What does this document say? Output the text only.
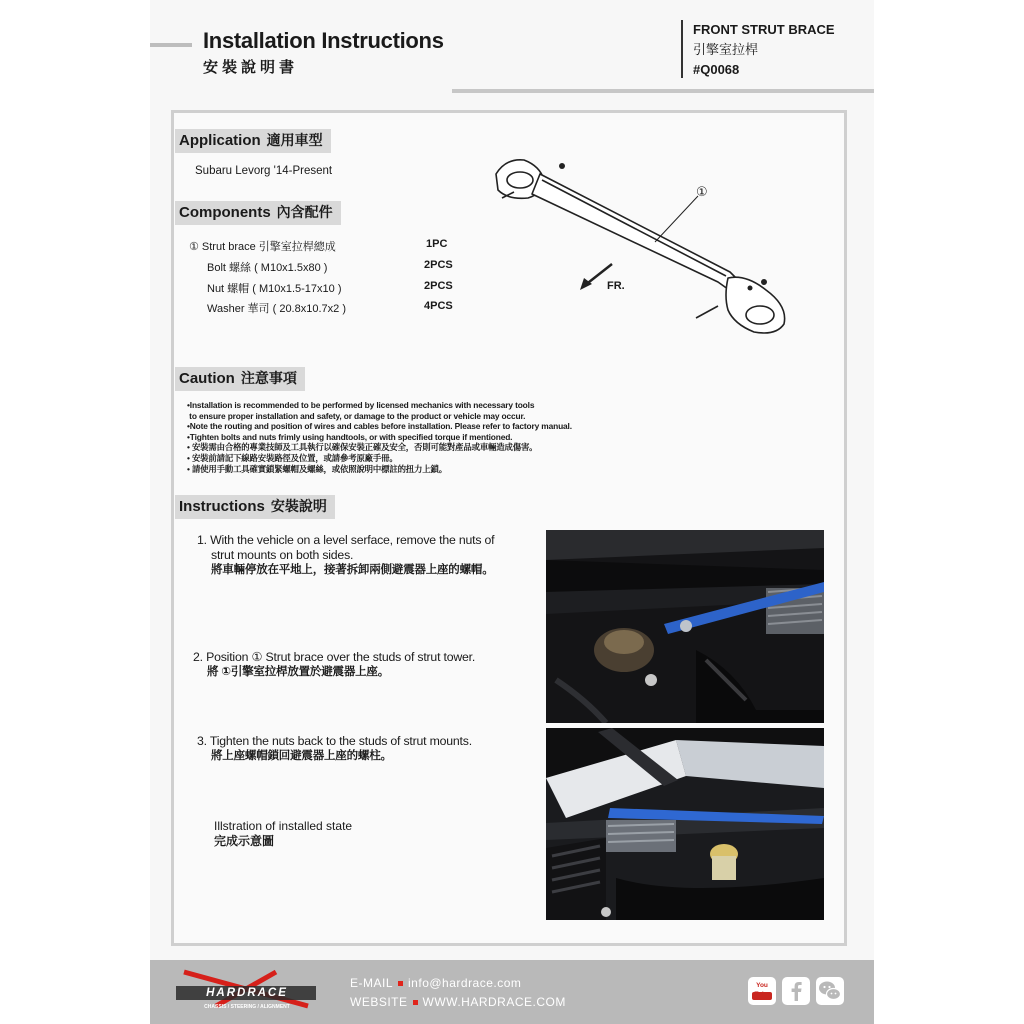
Installation Instructions
安裝說明書
FRONT STRUT BRACE
引擎室拉桿
#Q0068
Application 適用車型
Subaru Levorg '14-Present
Components 內含配件
① Strut brace 引擎室拉桿總成	1PC
Bolt 螺絲 ( M10x1.5x80 )	2PCS
Nut 螺帽 ( M10x1.5-17x10 )	2PCS
Washer 華司 ( 20.8x10.7x2 )	4PCS
①
FR.
Caution 注意事項
•Installation is recommended to be performed by licensed mechanics with necessary tools
to ensure proper installation and safety, or damage to the product or vehicle may occur.
•Note the routing and position of wires and cables before installation. Please refer to factory manual.
•Tighten bolts and nuts frimly using handtools, or with specified torque if mentioned.
• 安裝需由合格的專業技師及工具執行以確保安裝正確及安全，否則可能對產品或車輛造成傷害。
• 安裝前請記下線路安裝路徑及位置，或請參考原廠手冊。
• 請使用手動工具確實鎖緊螺帽及螺絲，或依照說明中標註的扭力上鎖。
Instructions 安裝說明
1. With the vehicle on a level serface, remove the nuts of
strut mounts on both sides.
將車輛停放在平地上，接著拆卸兩側避震器上座的螺帽。
2. Position ① Strut brace over the studs of strut tower.
將 ①引擎室拉桿放置於避震器上座。
3. Tighten the nuts back to the studs of strut mounts.
將上座螺帽鎖回避震器上座的螺柱。
Illstration of installed state
完成示意圖
HARDRACE
CHASSIS / STEERING / ALIGNMENT
E-MAIL info@hardrace.com
WEBSITE WWW.HARDRACE.COM
You
